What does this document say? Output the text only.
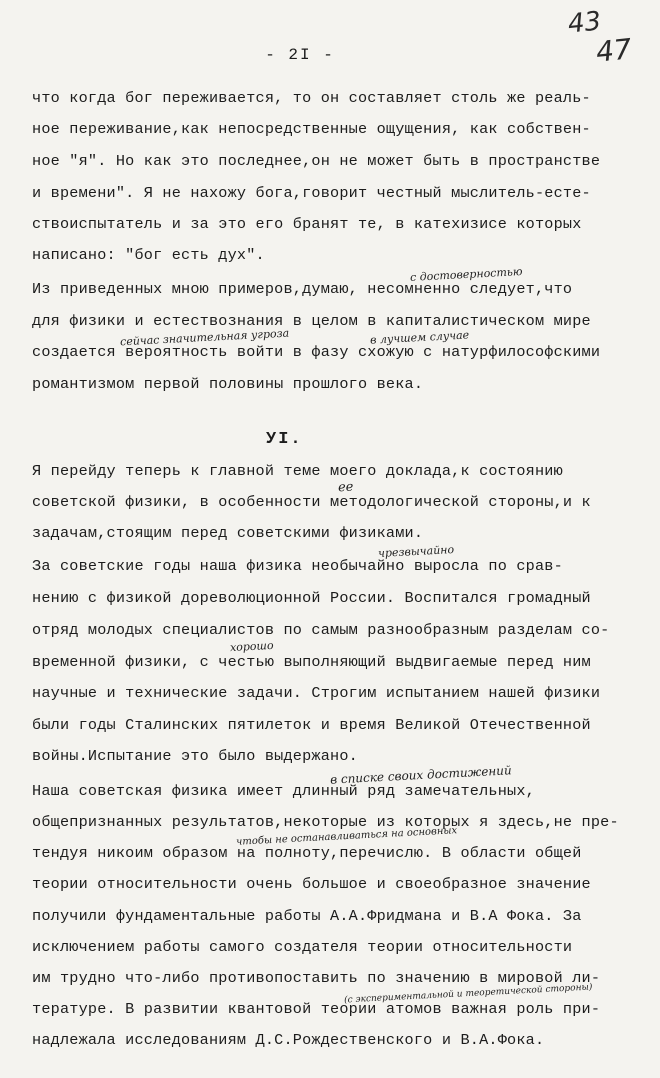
- 2I -
43
47
что когда бог переживается, то он составляет столь же реаль-
ное переживание,как непосредственные ощущения, как собствен-
ное "я". Но как это последнее,он не может быть в пространстве
и времени". Я не нахожу бога,говорит честный мыслитель-есте-
ствоиспытатель и за это его бранят те, в катехизисе которых
написано: "бог есть дух".
Из приведенных мною примеров,думаю, несомненно следует,что
для физики и естествознания в целом в капиталистическом мире
создается вероятность войти в фазу схожую с натурфилософскими
романтизмом первой половины прошлого века.
УI.
Я перейду теперь к главной теме моего доклада,к состоянию
советской физики, в особенности методологической стороны,и к
задачам,стоящим перед советскими физиками.
За советские годы наша физика необычайно выросла по срав-
нению с физикой дореволюционной России. Воспитался громадный
отряд молодых специалистов по самым разнообразным разделам со-
временной физики, с честью выполняющий выдвигаемые перед ним
научные и технические задачи. Строгим испытанием нашей физики
были годы Сталинских пятилеток и время Великой Отечественной
войны.Испытание это было выдержано.
Наша советская физика имеет длинный ряд замечательных,
общепризнанных результатов,некоторые из которых я здесь,не пре-
тендуя никоим образом на полноту,перечислю. В области общей
теории относительности очень большое и своеобразное значение
получили фундаментальные работы А.А.Фридмана и В.А Фока. За
исключением работы самого создателя теории относительности
им трудно что-либо противопоставить по значению в мировой ли-
тературе. В развитии квантовой теории атомов важная роль при-
надлежала исследованиям Д.С.Рождественского и В.А.Фока.
с достоверностью
сейчас значительная угроза	в лучшем случае
ее
чрезвычайно
хорошо
в списке своих достижений
чтобы не останавливаться на основных
(с экспериментальной и теоретической стороны)
